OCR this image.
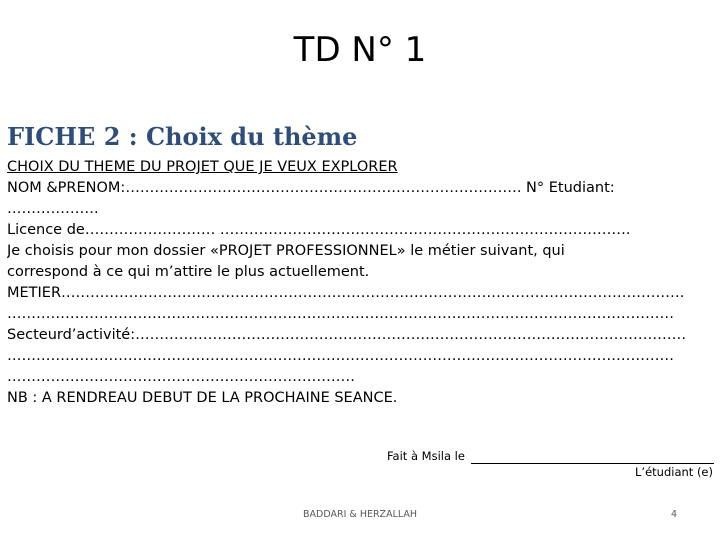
TD N° 1
FICHE 2 : Choix du thème
CHOIX DU THEME DU PROJET QUE JE VEUX EXPLORER
NOM &PRENOM:………………………………………………………………………. N° Etudiant:
……………….
Licence de……………………… ………………………………………………………………………….
Je choisis pour mon dossier «PROJET PROFESSIONNEL» le métier suivant, qui
correspond à ce qui m’attire le plus actuellement.
METIER…………………………………………………………………………………………………………………
…………………………………………………………………………………………………………………………
Secteurd’activité:……………………………………………………………………………………………………
…………………………………………………………………………………………………………………………
………………………………………………………………
NB : A RENDREAU DEBUT DE LA PROCHAINE SEANCE.
Fait à Msila le
L’étudiant (e)
BADDARI & HERZALLAH	4
